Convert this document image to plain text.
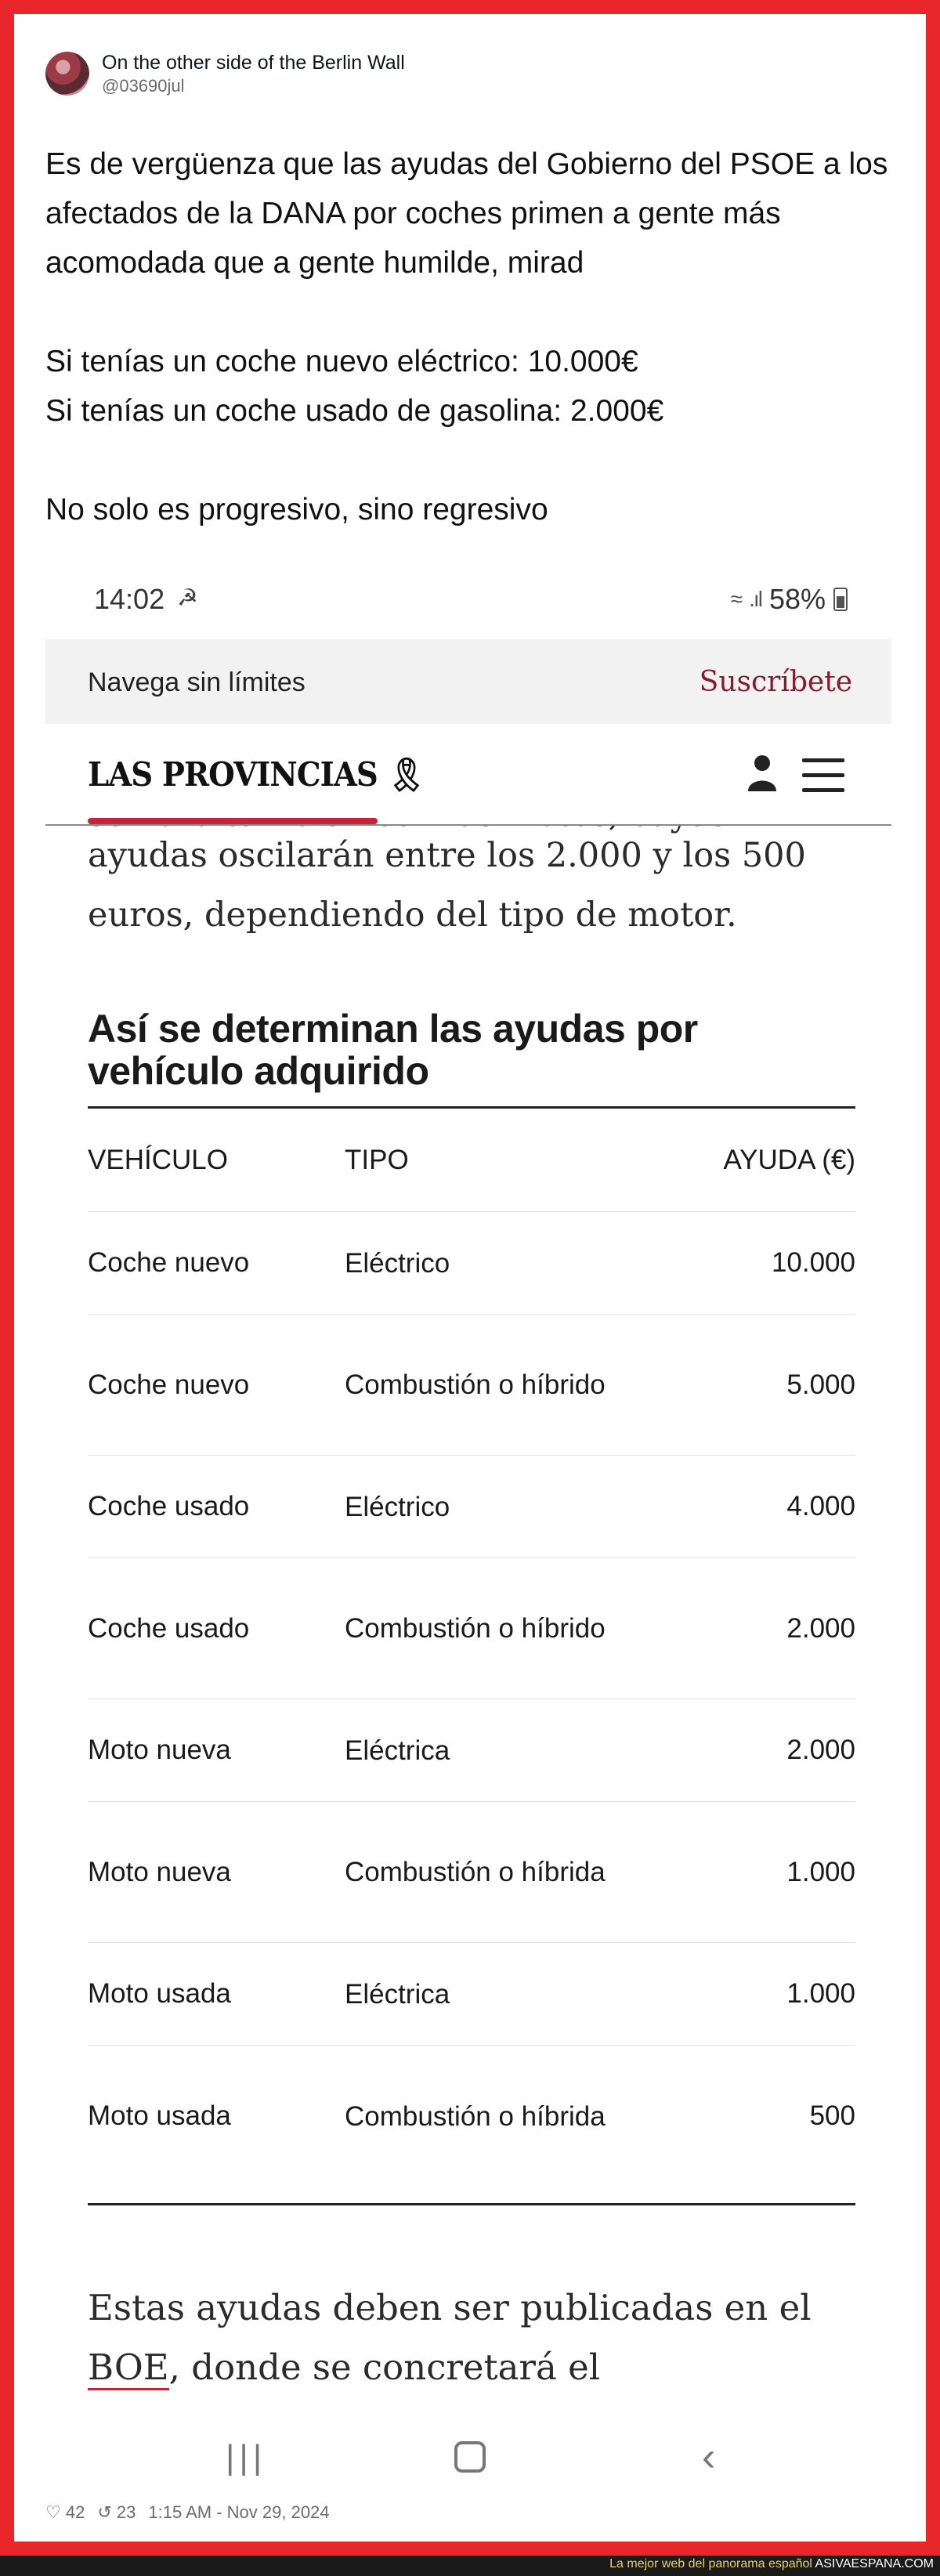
On the other side of the Berlin Wall
@03690jul

Es de vergüenza que las ayudas del Gobierno del PSOE a los afectados de la DANA por coches primen a gente más acomodada que a gente humilde, mirad

Si tenías un coche nuevo eléctrico: 10.000€

Si tenías un coche usado de gasolina: 2.000€

No solo es progresivo, sino regresivo

14:02 ☭	≈ .ıl 58%
Navega sin límites	Suscríbete
LAS PROVINCIAS 🎗
ayudas oscilarán entre los 2.000 y los 500
euros, dependiendo del tipo de motor.
Así se determinan las ayudas por vehículo adquirido
VEHÍCULO	TIPO	AYUDA (€)
Coche nuevo	Eléctrico	10.000
Coche nuevo	Combustión o híbrido	5.000
Coche usado	Eléctrico	4.000
Coche usado	Combustión o híbrido	2.000
Moto nueva	Eléctrica	2.000
Moto nueva	Combustión o híbrida	1.000
Moto usada	Eléctrica	1.000
Moto usada	Combustión o híbrida	500
Estas ayudas deben ser publicadas en el
BOE, donde se concretará el
|||	‹
♡ 42 ↺ 23 1:15 AM - Nov 29, 2024
La mejor web del panorama español ASIVAESPANA.COM
